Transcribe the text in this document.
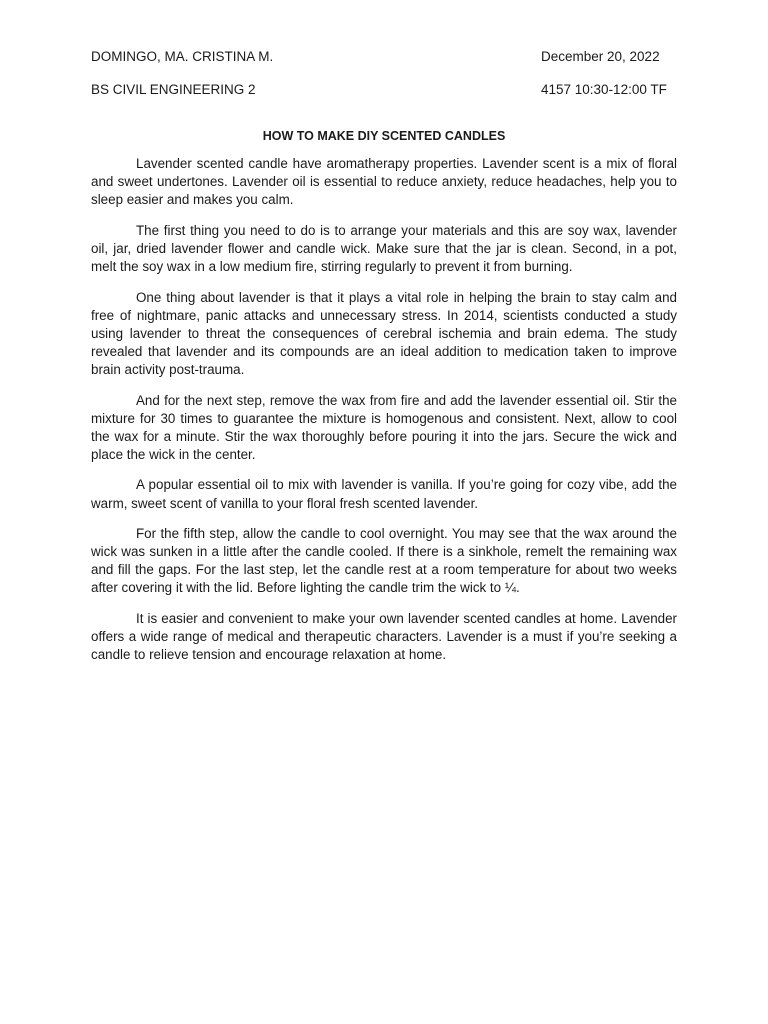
DOMINGO, MA. CRISTINA M.	December 20, 2022

BS CIVIL ENGINEERING 2	4157 10:30-12:00 TF

HOW TO MAKE DIY SCENTED CANDLES

Lavender scented candle have aromatherapy properties. Lavender scent is a mix of floral and sweet undertones. Lavender oil is essential to reduce anxiety, reduce headaches, help you to sleep easier and makes you calm.

The first thing you need to do is to arrange your materials and this are soy wax, lavender oil, jar, dried lavender flower and candle wick. Make sure that the jar is clean. Second, in a pot, melt the soy wax in a low medium fire, stirring regularly to prevent it from burning.

One thing about lavender is that it plays a vital role in helping the brain to stay calm and free of nightmare, panic attacks and unnecessary stress. In 2014, scientists conducted a study using lavender to threat the consequences of cerebral ischemia and brain edema. The study revealed that lavender and its compounds are an ideal addition to medication taken to improve brain activity post-trauma.

And for the next step, remove the wax from fire and add the lavender essential oil. Stir the mixture for 30 times to guarantee the mixture is homogenous and consistent. Next, allow to cool the wax for a minute. Stir the wax thoroughly before pouring it into the jars. Secure the wick and place the wick in the center.

A popular essential oil to mix with lavender is vanilla. If you’re going for cozy vibe, add the warm, sweet scent of vanilla to your floral fresh scented lavender.

For the fifth step, allow the candle to cool overnight. You may see that the wax around the wick was sunken in a little after the candle cooled. If there is a sinkhole, remelt the remaining wax and fill the gaps. For the last step, let the candle rest at a room temperature for about two weeks after covering it with the lid. Before lighting the candle trim the wick to ¼.

It is easier and convenient to make your own lavender scented candles at home. Lavender offers a wide range of medical and therapeutic characters. Lavender is a must if you’re seeking a candle to relieve tension and encourage relaxation at home.
